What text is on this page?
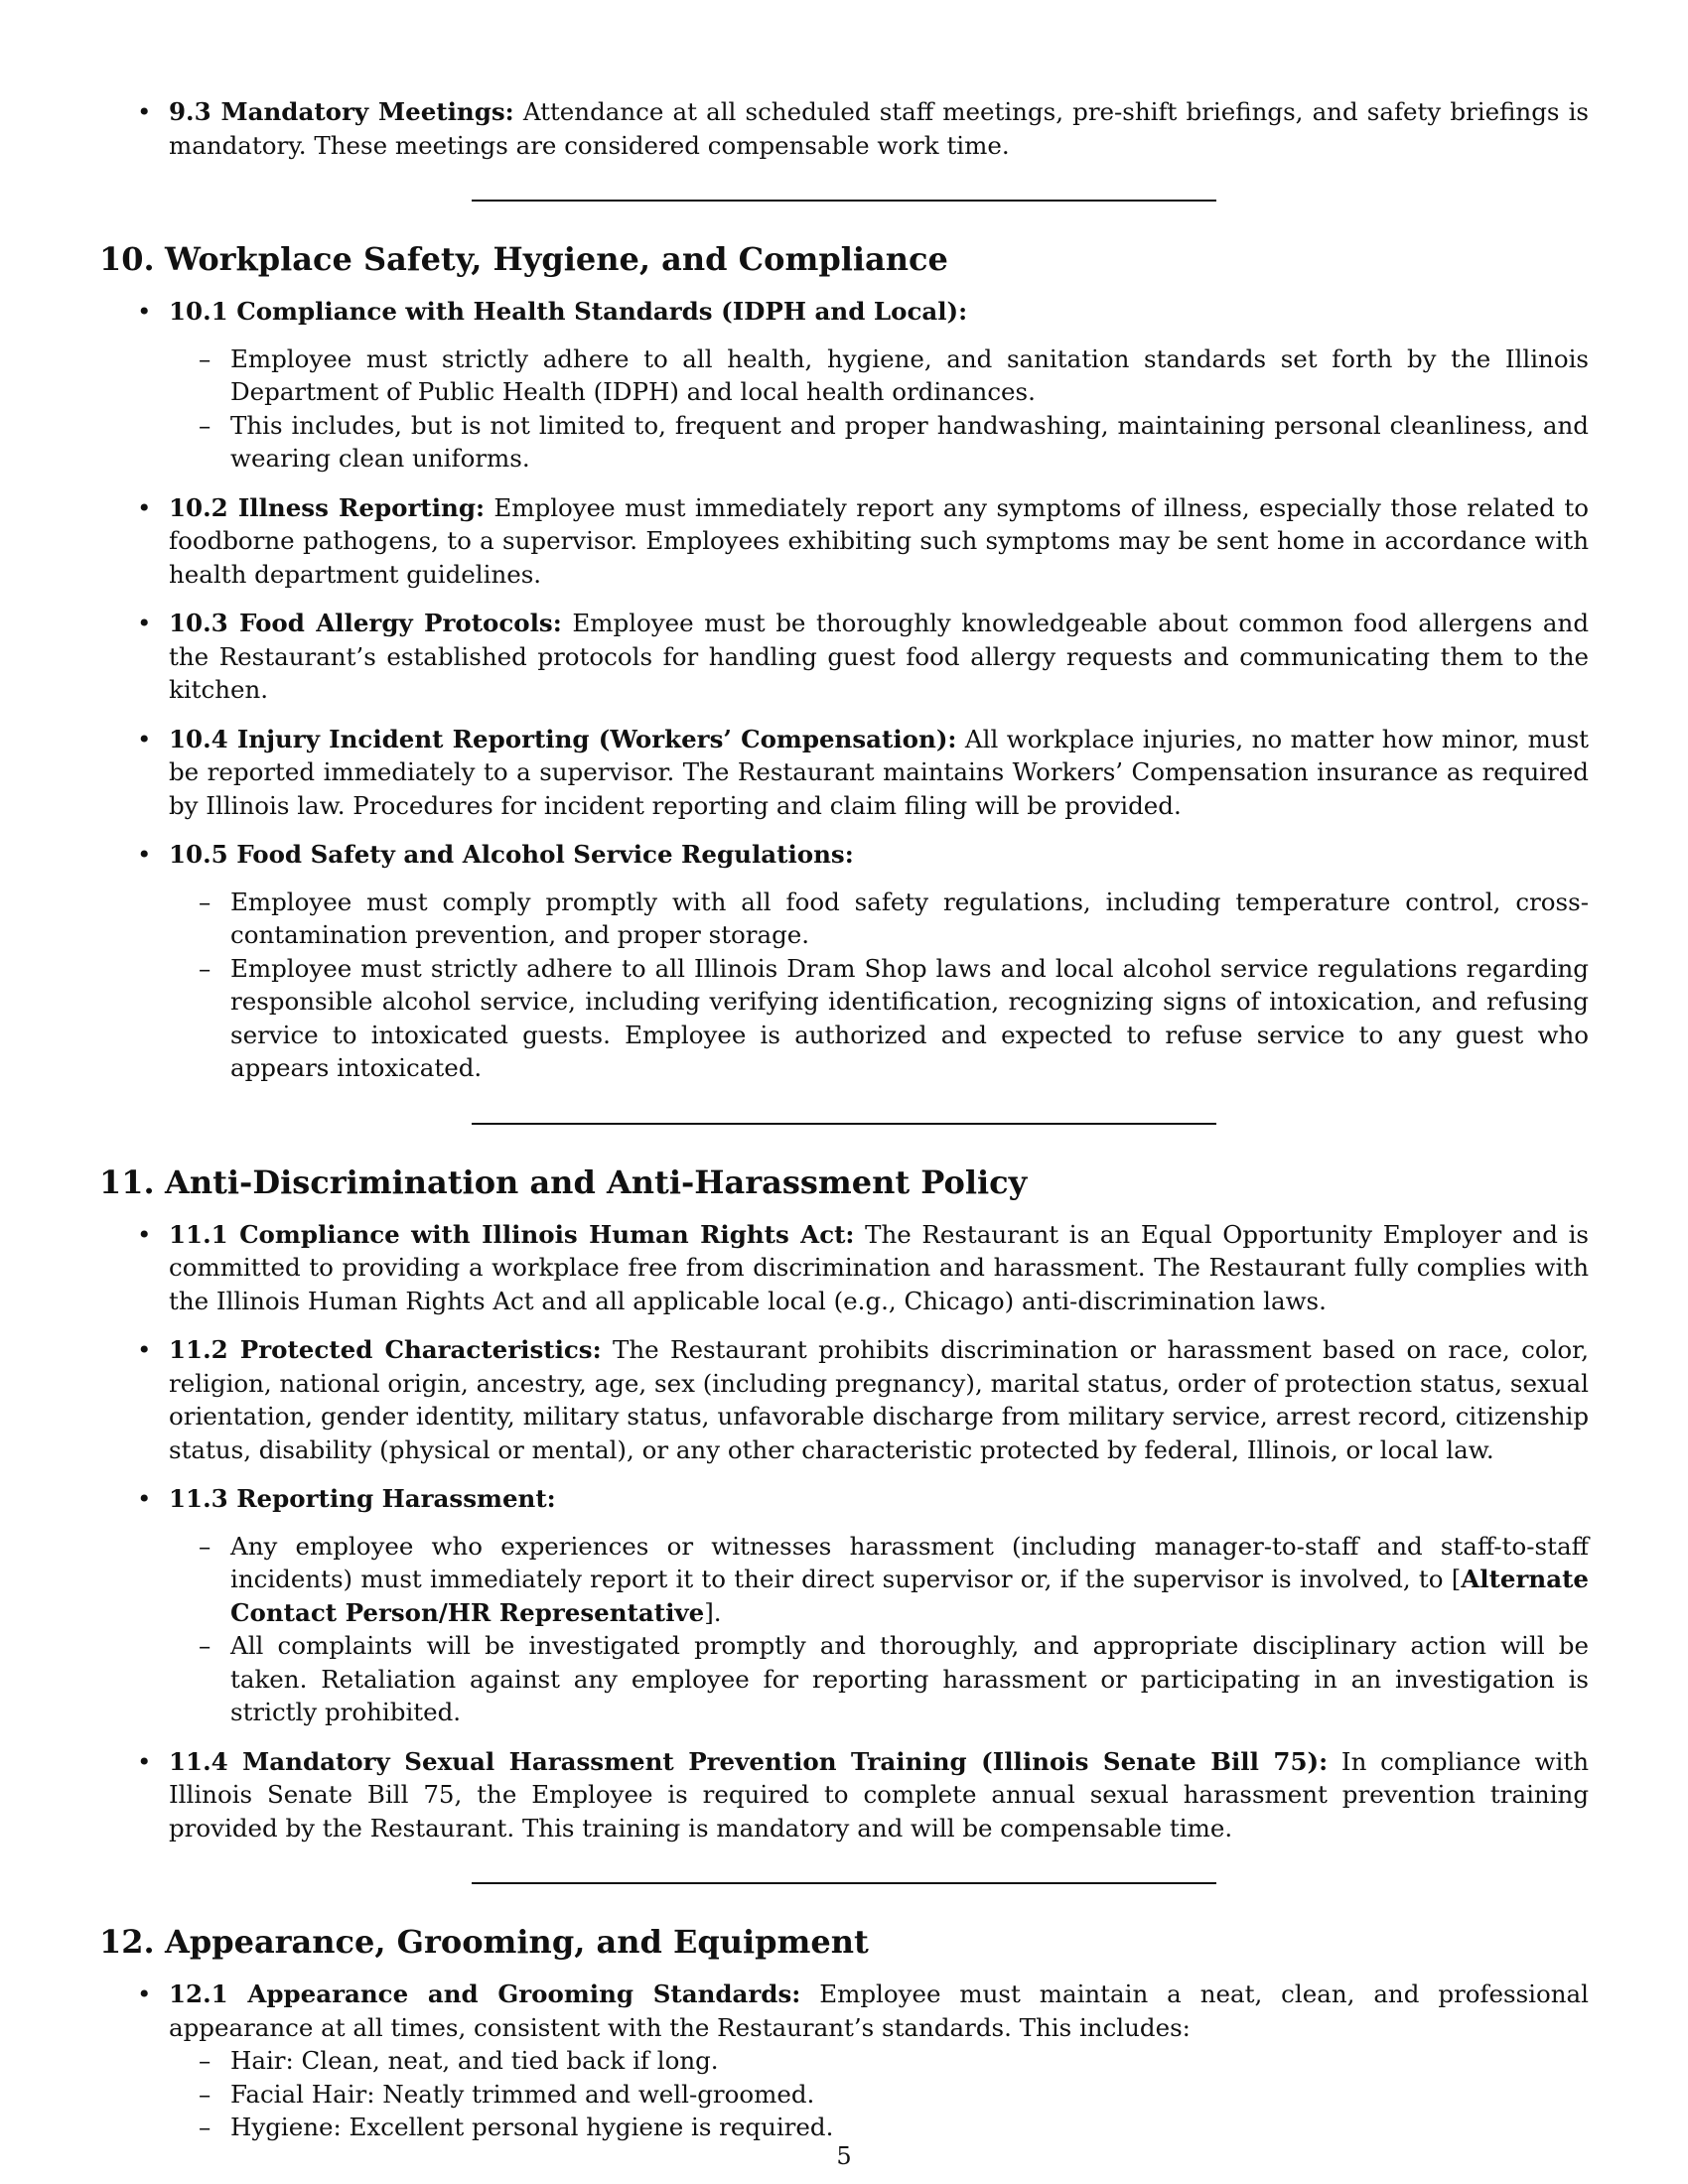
• 9.3 Mandatory Meetings: Attendance at all scheduled staff meetings, pre-shift briefings, and safety briefings is mandatory. These meetings are considered compensable work time.
10. Workplace Safety, Hygiene, and Compliance
• 10.1 Compliance with Health Standards (IDPH and Local):
– Employee must strictly adhere to all health, hygiene, and sanitation standards set forth by the Illinois Department of Public Health (IDPH) and local health ordinances.
– This includes, but is not limited to, frequent and proper handwashing, maintaining personal cleanliness, and wearing clean uniforms.
• 10.2 Illness Reporting: Employee must immediately report any symptoms of illness, especially those related to foodborne pathogens, to a supervisor. Employees exhibiting such symptoms may be sent home in accordance with health department guidelines.
• 10.3 Food Allergy Protocols: Employee must be thoroughly knowledgeable about common food allergens and the Restaurant’s established protocols for handling guest food allergy requests and communicating them to the kitchen.
• 10.4 Injury Incident Reporting (Workers’ Compensation): All workplace injuries, no matter how minor, must be reported immediately to a supervisor. The Restaurant maintains Workers’ Compensation insurance as required by Illinois law. Procedures for incident reporting and claim filing will be provided.
• 10.5 Food Safety and Alcohol Service Regulations:
– Employee must comply promptly with all food safety regulations, including temperature control, cross-contamination prevention, and proper storage.
– Employee must strictly adhere to all Illinois Dram Shop laws and local alcohol service regulations regarding responsible alcohol service, including verifying identification, recognizing signs of intoxication, and refusing service to intoxicated guests. Employee is authorized and expected to refuse service to any guest who appears intoxicated.
11. Anti-Discrimination and Anti-Harassment Policy
• 11.1 Compliance with Illinois Human Rights Act: The Restaurant is an Equal Opportunity Employer and is committed to providing a workplace free from discrimination and harassment. The Restaurant fully complies with the Illinois Human Rights Act and all applicable local (e.g., Chicago) anti-discrimination laws.
• 11.2 Protected Characteristics: The Restaurant prohibits discrimination or harassment based on race, color, religion, national origin, ancestry, age, sex (including pregnancy), marital status, order of protection status, sexual orientation, gender identity, military status, unfavorable discharge from military service, arrest record, citizenship status, disability (physical or mental), or any other characteristic protected by federal, Illinois, or local law.
• 11.3 Reporting Harassment:
– Any employee who experiences or witnesses harassment (including manager-to-staff and staff-to-staff incidents) must immediately report it to their direct supervisor or, if the supervisor is involved, to [Alternate Contact Person/HR Representative].
– All complaints will be investigated promptly and thoroughly, and appropriate disciplinary action will be taken. Retaliation against any employee for reporting harassment or participating in an investigation is strictly prohibited.
• 11.4 Mandatory Sexual Harassment Prevention Training (Illinois Senate Bill 75): In compliance with Illinois Senate Bill 75, the Employee is required to complete annual sexual harassment prevention training provided by the Restaurant. This training is mandatory and will be compensable time.
12. Appearance, Grooming, and Equipment
• 12.1 Appearance and Grooming Standards: Employee must maintain a neat, clean, and professional appearance at all times, consistent with the Restaurant’s standards. This includes:
– Hair: Clean, neat, and tied back if long.
– Facial Hair: Neatly trimmed and well-groomed.
– Hygiene: Excellent personal hygiene is required.
5
